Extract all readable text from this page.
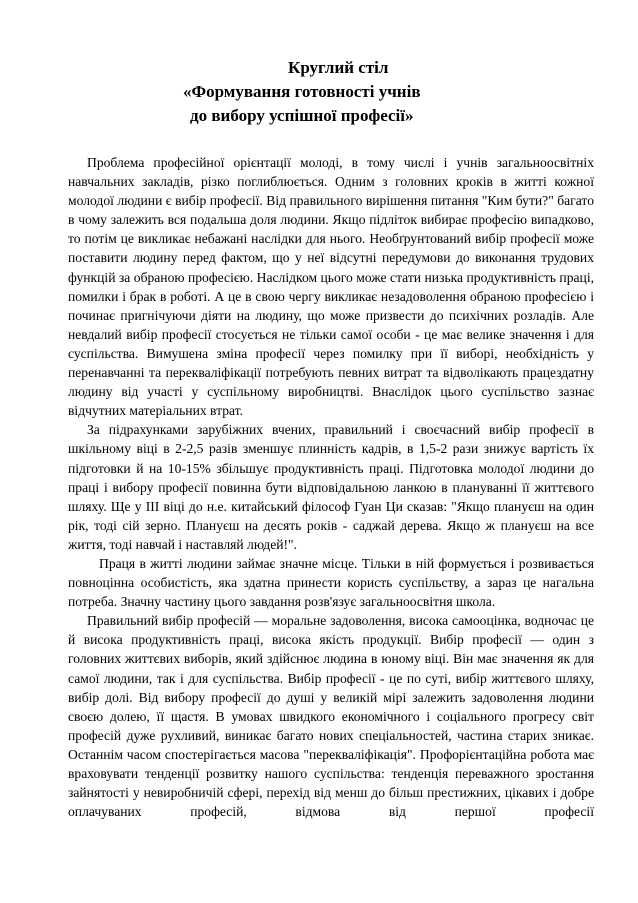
Круглий стіл
«Формування готовності учнів
до вибору успішної професії»

Проблема професійної орієнтації молоді, в тому числі і учнів загальноосвітніх навчальних закладів, різко поглиблюється. Одним з головних кроків в житті кожної молодої людини є вибір професії. Від правильного вирішення питання "Ким бути?" багато в чому залежить вся подальша доля людини. Якщо підліток вибирає професію випадково, то потім це викликає небажані наслідки для нього. Необґрунтований вибір професії може поставити людину перед фактом, що у неї відсутні передумови до виконання трудових функцій за обраною професією. Наслідком цього може стати низька продуктивність праці, помилки і брак в роботі. А це в свою чергу викликає незадоволення обраною професією і починає пригнічуючи діяти на людину, що може призвести до психічних розладів. Але невдалий вибір професії стосується не тільки самої особи - це має велике значення і для суспільства. Вимушена зміна професії через помилку при її виборі, необхідність у перенавчанні та перекваліфікації потребують певних витрат та відволікають працездатну людину від участі у суспільному виробництві. Внаслідок цього суспільство зазнає відчутних матеріальних втрат.

За підрахунками зарубіжних вчених, правильний і своєчасний вибір професії в шкільному віці в 2-2,5 разів зменшує плинність кадрів, в 1,5-2 рази знижує вартість їх підготовки й на 10-15% збільшує продуктивність праці. Підготовка молодої людини до праці і вибору професії повинна бути відповідальною ланкою в плануванні її життєвого шляху. Ще у ІІІ віці до н.е. китайський філософ Гуан Ци сказав: "Якщо плануєш на один рік, тоді сій зерно. Плануєш на десять років - саджай дерева. Якщо ж плануєш на все життя, тоді навчай і наставляй людей!".

Праця в житті людини займає значне місце. Тільки в ній формується і розвивається повноцінна особистість, яка здатна принести користь суспільству, а зараз це нагальна потреба. Значну частину цього завдання розв'язує загальноосвітня школа.

Правильний вибір професій — моральне задоволення, висока самооцінка, водночас це й висока продуктивність праці, висока якість продукції. Вибір професії — один з головних життєвих виборів, який здійснює людина в юному віці. Він має значення як для самої людини, так і для суспільства. Вибір професії - це по суті, вибір життєвого шляху, вибір долі. Від вибору професії до душі у великій мірі залежить задоволення людини своєю долею, її щастя. В умовах швидкого економічного і соціального прогресу світ професій дуже рухливий, виникає багато нових спеціальностей, частина старих зникає. Останнім часом спостерігається масова "перекваліфікація". Профорієнтаційна робота має враховувати тенденції розвитку нашого суспільства: тенденція переважного зростання зайнятості у невиробничій сфері, перехід від менш до більш престижних, цікавих і добре оплачуваних професій, відмова від першої професії
